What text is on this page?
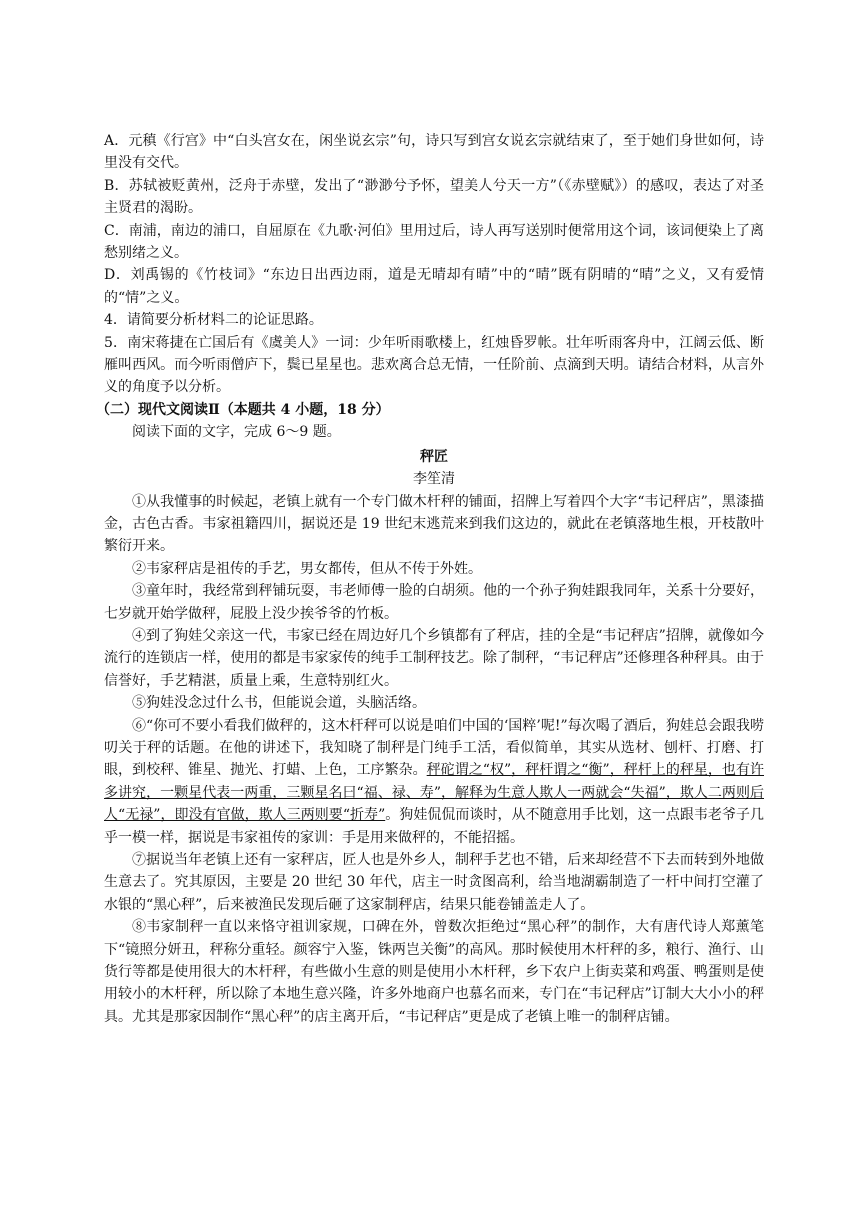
A．元稹《行宫》中“白头宫女在，闲坐说玄宗”句，诗只写到宫女说玄宗就结束了，至于她们身世如何，诗里没有交代。

B．苏轼被贬黄州，泛舟于赤壁，发出了“渺渺兮予怀，望美人兮天一方”（《赤壁赋》）的感叹，表达了对圣主贤君的渴盼。

C．南浦，南边的浦口，自屈原在《九歌·河伯》里用过后，诗人再写送别时便常用这个词，该词便染上了离愁别绪之义。

D．刘禹锡的《竹枝词》“东边日出西边雨，道是无晴却有晴”中的“晴”既有阴晴的“晴”之义，又有爱情的“情”之义。

4．请简要分析材料二的论证思路。

5．南宋蒋捷在亡国后有《虞美人》一词：少年听雨歌楼上，红烛昏罗帐。壮年听雨客舟中，江阔云低、断雁叫西风。而今听雨僧庐下，鬓已星星也。悲欢离合总无情，一任阶前、点滴到天明。请结合材料，从言外义的角度予以分析。

（二）现代文阅读Ⅱ（本题共 4 小题，18 分）

阅读下面的文字，完成 6～9 题。

秤匠

李笙清

①从我懂事的时候起，老镇上就有一个专门做木杆秤的铺面，招牌上写着四个大字“韦记秤店”，黑漆描金，古色古香。韦家祖籍四川，据说还是 19 世纪末逃荒来到我们这边的，就此在老镇落地生根，开枝散叶繁衍开来。

②韦家秤店是祖传的手艺，男女都传，但从不传于外姓。

③童年时，我经常到秤铺玩耍，韦老师傅一脸的白胡须。他的一个孙子狗娃跟我同年，关系十分要好，七岁就开始学做秤，屁股上没少挨爷爷的竹板。

④到了狗娃父亲这一代，韦家已经在周边好几个乡镇都有了秤店，挂的全是“韦记秤店”招牌，就像如今流行的连锁店一样，使用的都是韦家家传的纯手工制秤技艺。除了制秤，“韦记秤店”还修理各种秤具。由于信誉好，手艺精湛，质量上乘，生意特别红火。

⑤狗娃没念过什么书，但能说会道，头脑活络。

⑥“你可不要小看我们做秤的，这木杆秤可以说是咱们中国的‘国粹’呢!”每次喝了酒后，狗娃总会跟我唠叨关于秤的话题。在他的讲述下，我知晓了制秤是门纯手工活，看似简单，其实从选材、刨杆、打磨、打眼，到校秤、锥星、抛光、打蜡、上色，工序繁杂。秤砣谓之“权”，秤杆谓之“衡”，秤杆上的秤星，也有许多讲究，一颗星代表一两重，三颗星名曰“福、禄、寿”，解释为生意人欺人一两就会“失福”，欺人二两则后人“无禄”，即没有官做，欺人三两则要“折寿”。狗娃侃侃而谈时，从不随意用手比划，这一点跟韦老爷子几乎一模一样，据说是韦家祖传的家训：手是用来做秤的，不能招摇。

⑦据说当年老镇上还有一家秤店，匠人也是外乡人，制秤手艺也不错，后来却经营不下去而转到外地做生意去了。究其原因，主要是 20 世纪 30 年代，店主一时贪图高利，给当地湖霸制造了一杆中间打空灌了水银的“黑心秤”，后来被渔民发现后砸了这家制秤店，结果只能卷铺盖走人了。

⑧韦家制秤一直以来恪守祖训家规，口碑在外，曾数次拒绝过“黑心秤”的制作，大有唐代诗人郑薰笔下“镜照分妍丑，秤称分重轻。颜容宁入鉴，铢两岂关衡”的高风。那时候使用木杆秤的多，粮行、渔行、山货行等都是使用很大的木杆秤，有些做小生意的则是使用小木杆秤，乡下农户上街卖菜和鸡蛋、鸭蛋则是使用较小的木杆秤，所以除了本地生意兴隆，许多外地商户也慕名而来，专门在“韦记秤店”订制大大小小的秤具。尤其是那家因制作“黑心秤”的店主离开后，“韦记秤店”更是成了老镇上唯一的制秤店铺。
